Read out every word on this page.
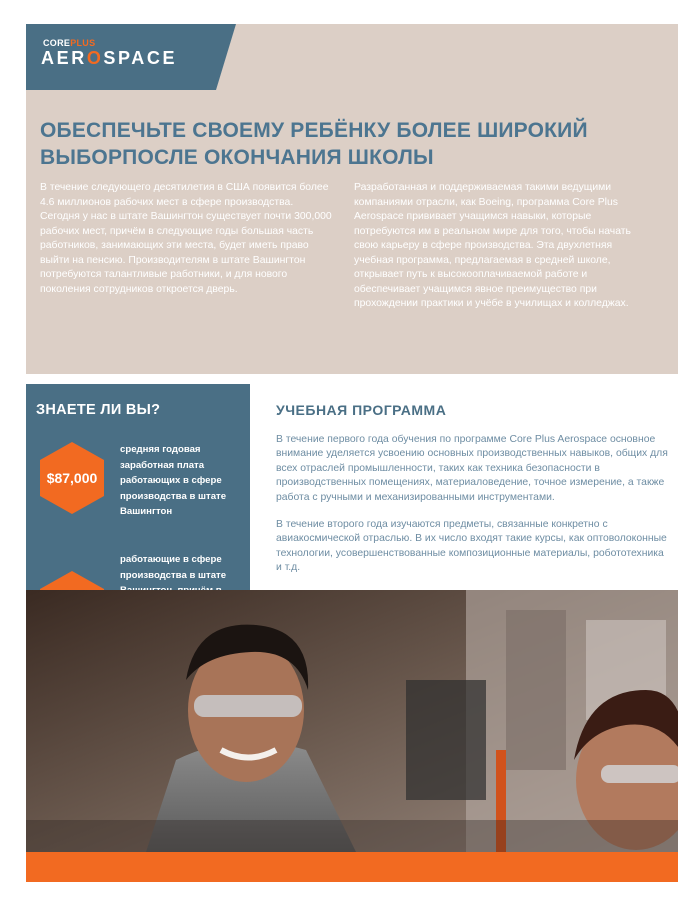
COREPLUS
AEROSPACE
ОБЕСПЕЧЬТЕ СВОЕМУ РЕБЁНКУ БОЛЕЕ ШИРОКИЙ
ВЫБОРПОСЛЕ ОКОНЧАНИЯ ШКОЛЫ

В течение следующего десятилетия в США появится более 4.6 миллионов рабочих мест в сфере производства. Сегодня у нас в штате Вашингтон существует почти 300,000 рабочих мест, причём в следующие годы большая часть работников, занимающих эти места, будет иметь право выйти на пенсию. Производителям в штате Вашингтон потребуются талантливые работники, и для нового поколения сотрудников откроется дверь.

Разработанная и поддерживаемая такими ведущими компаниями отрасли, как Boeing, программа Core Plus Aerospace прививает учащимся навыки, которые потребуются им в реальном мире для того, чтобы начать свою карьеру в сфере производства. Эта двухлетняя учебная программа, предлагаемая в средней школе, открывает путь к высокооплачиваемой работе и обеспечивает учащимся явное преимущество при прохождении практики и учёбе в училищах и колледжах.

ЗНАЕТЕ ЛИ ВЫ?
$87,000
средняя годовая заработная плата работающих в сфере производства в штате Вашингтон
работающие в сфере производства в штате
УЧЕБНАЯ ПРОГРАММА

В течение первого года обучения по программе Core Plus Aerospace основное внимание уделяется усвоению основных производственных навыков, общих для всех отраслей промышленности, таких как техника безопасности в производственных помещениях, материаловедение, точное измерение, а также работа с ручными и механизированными инструментами.

В течение второго года изучаются предметы, связанные конкретно с авиакосмической отраслью. В их число входят такие курсы, как оптоволоконные технологии, усовершенствованные композиционные материалы, робототехника и т.д.
